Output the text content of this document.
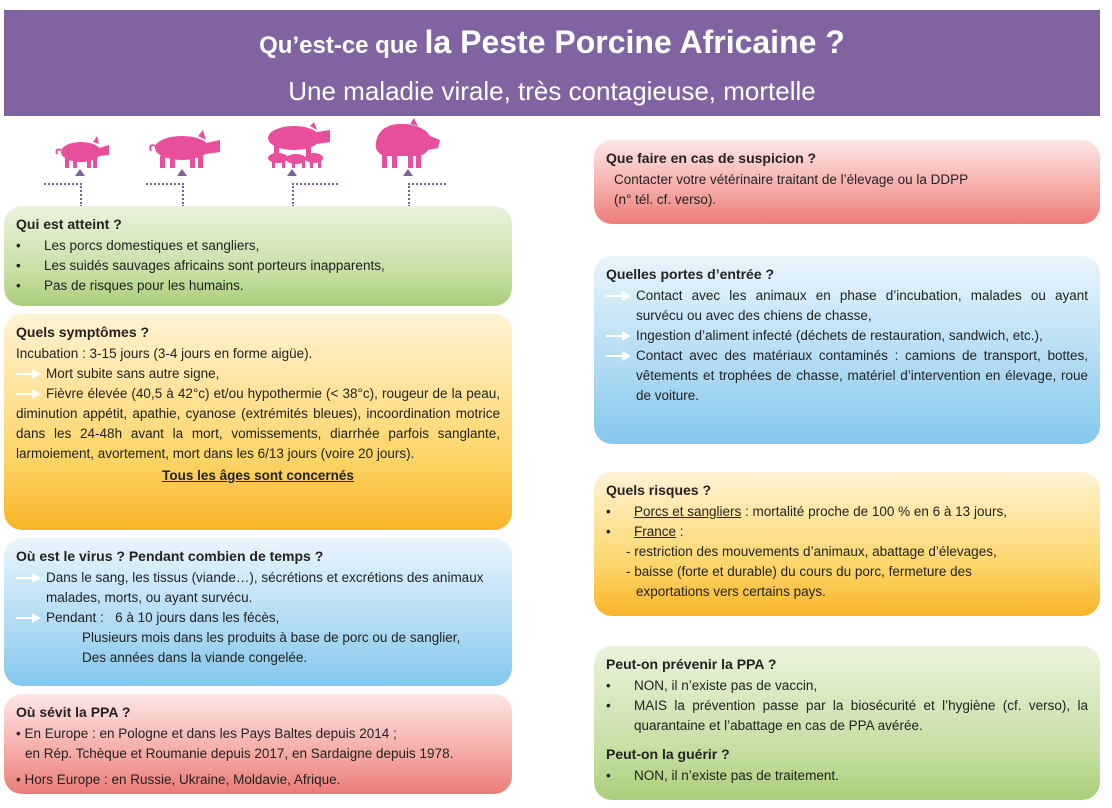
Qu’est-ce que la Peste Porcine Africaine ?
Une maladie virale, très contagieuse, mortelle
Qui est atteint ?
• Les porcs domestiques et sangliers,
• Les suidés sauvages africains sont porteurs inapparents,
• Pas de risques pour les humains.
Quels symptômes ?
Incubation : 3-15 jours (3-4 jours en forme aigüe).
Mort subite sans autre signe,
Fièvre élevée (40,5 à 42°c) et/ou hypothermie (< 38°c), rougeur de la peau, diminution appétit, apathie, cyanose (extrémités bleues), incoordination motrice dans les 24-48h avant la mort, vomissements, diarrhée parfois sanglante, larmoiement, avortement, mort dans les 6/13 jours (voire 20 jours).
Tous les âges sont concernés
Où est le virus ? Pendant combien de temps ?
Dans le sang, les tissus (viande…), sécrétions et excrétions des animaux malades, morts, ou ayant survécu.
Pendant : 6 à 10 jours dans les fécès,
Plusieurs mois dans les produits à base de porc ou de sanglier,
Des années dans la viande congelée.
Où sévit la PPA ?
• En Europe : en Pologne et dans les Pays Baltes depuis 2014 ;
en Rép. Tchèque et Roumanie depuis 2017, en Sardaigne depuis 1978.
• Hors Europe : en Russie, Ukraine, Moldavie, Afrique.
Que faire en cas de suspicion ?
Contacter votre vétérinaire traitant de l’élevage ou la DDPP
(n° tél. cf. verso).
Quelles portes d’entrée ?
Contact avec les animaux en phase d’incubation, malades ou ayant survécu ou avec des chiens de chasse,
Ingestion d’aliment infecté (déchets de restauration, sandwich, etc.),
Contact avec des matériaux contaminés : camions de transport, bottes, vêtements et trophées de chasse, matériel d’intervention en élevage, roue de voiture.
Quels risques ?
• Porcs et sangliers : mortalité proche de 100 % en 6 à 13 jours,
• France :
- restriction des mouvements d’animaux, abattage d’élevages,
- baisse (forte et durable) du cours du porc, fermeture des
exportations vers certains pays.
Peut-on prévenir la PPA ?
• NON, il n’existe pas de vaccin,
• MAIS la prévention passe par la biosécurité et l’hygiène (cf. verso), la quarantaine et l’abattage en cas de PPA avérée.
Peut-on la guérir ?
• NON, il n’existe pas de traitement.
